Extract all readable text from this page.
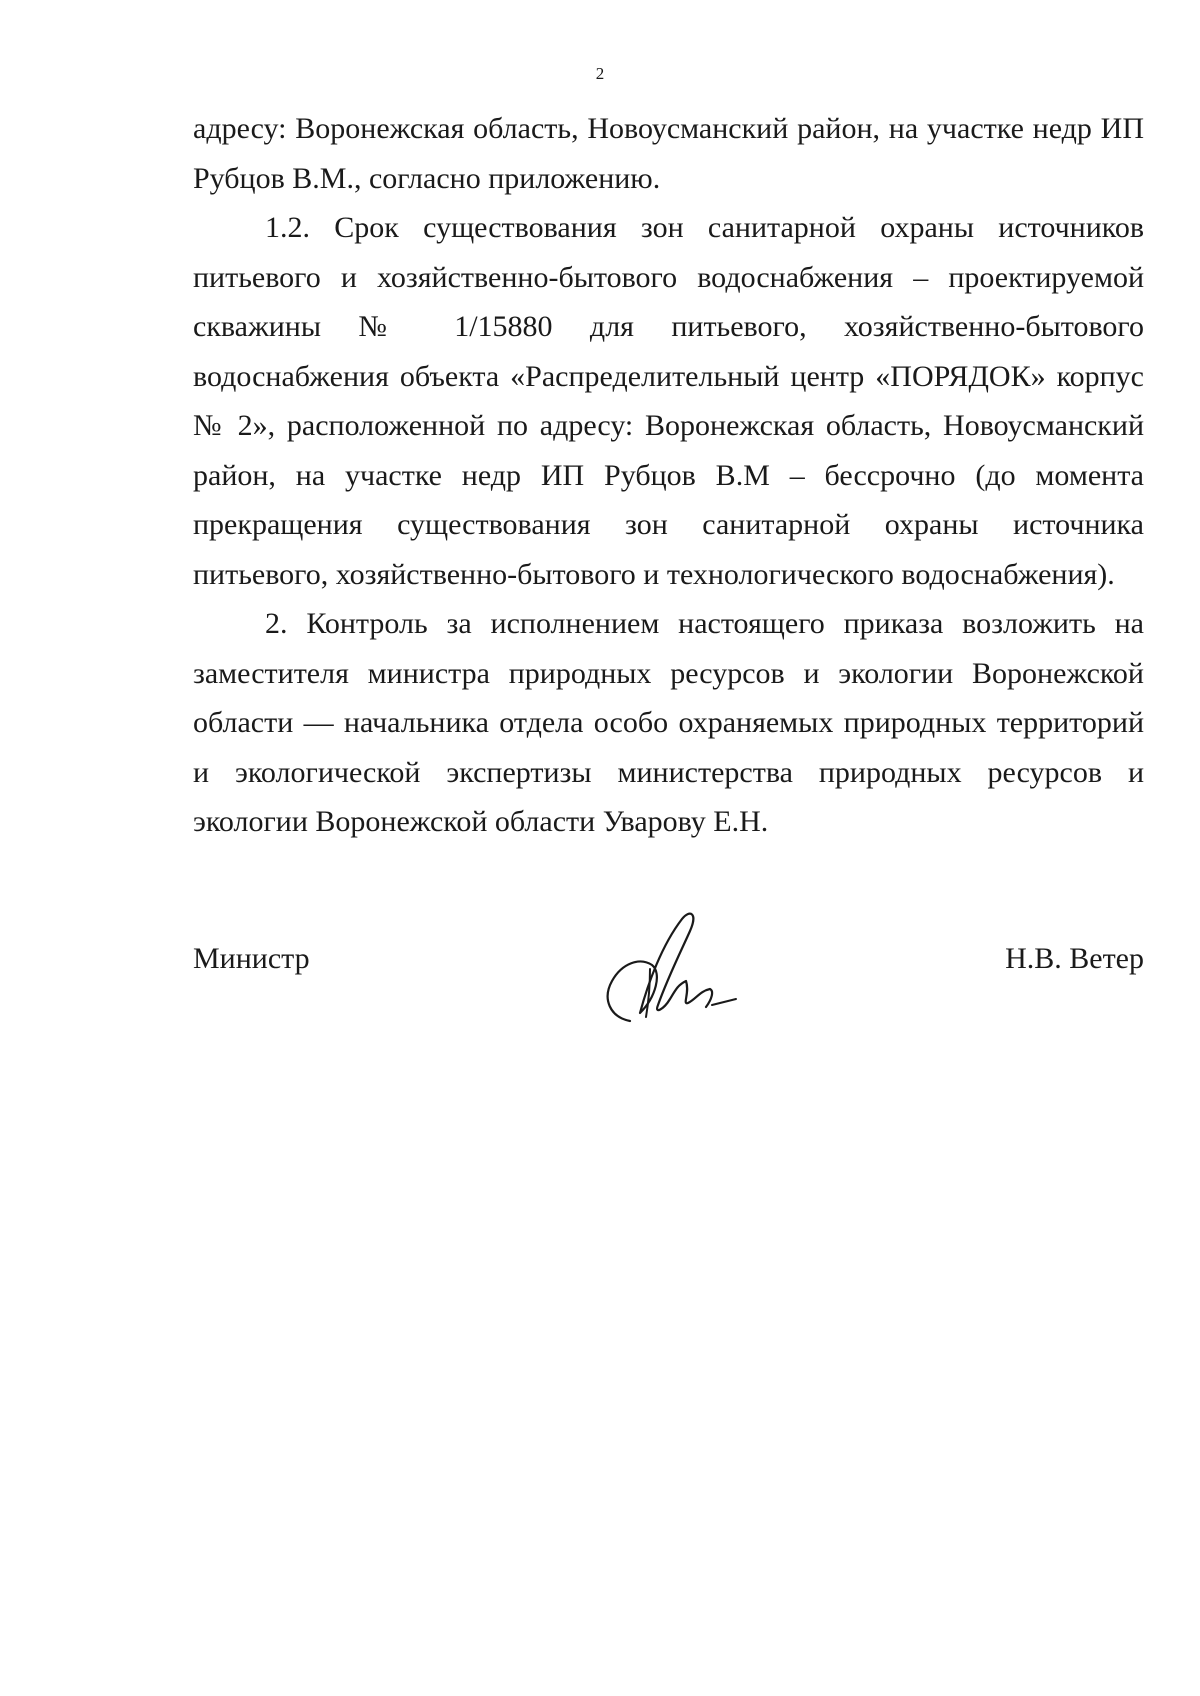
2

адресу: Воронежская область, Новоусманский район, на участке недр ИП Рубцов В.М., согласно приложению.

1.2. Срок существования зон санитарной охраны источников питьевого и хозяйственно-бытового водоснабжения – проектируемой скважины № 1/15880 для питьевого, хозяйственно-бытового водоснабжения объекта «Распределительный центр «ПОРЯДОК» корпус № 2», расположенной по адресу: Воронежская область, Новоусманский район, на участке недр ИП Рубцов В.М – бессрочно (до момента прекращения существования зон санитарной охраны источника питьевого, хозяйственно-бытового и технологического водоснабжения).

2. Контроль за исполнением настоящего приказа возложить на заместителя министра природных ресурсов и экологии Воронежской области — начальника отдела особо охраняемых природных территорий и экологической экспертизы министерства природных ресурсов и экологии Воронежской области Уварову Е.Н.

Министр	Н.В. Ветер
